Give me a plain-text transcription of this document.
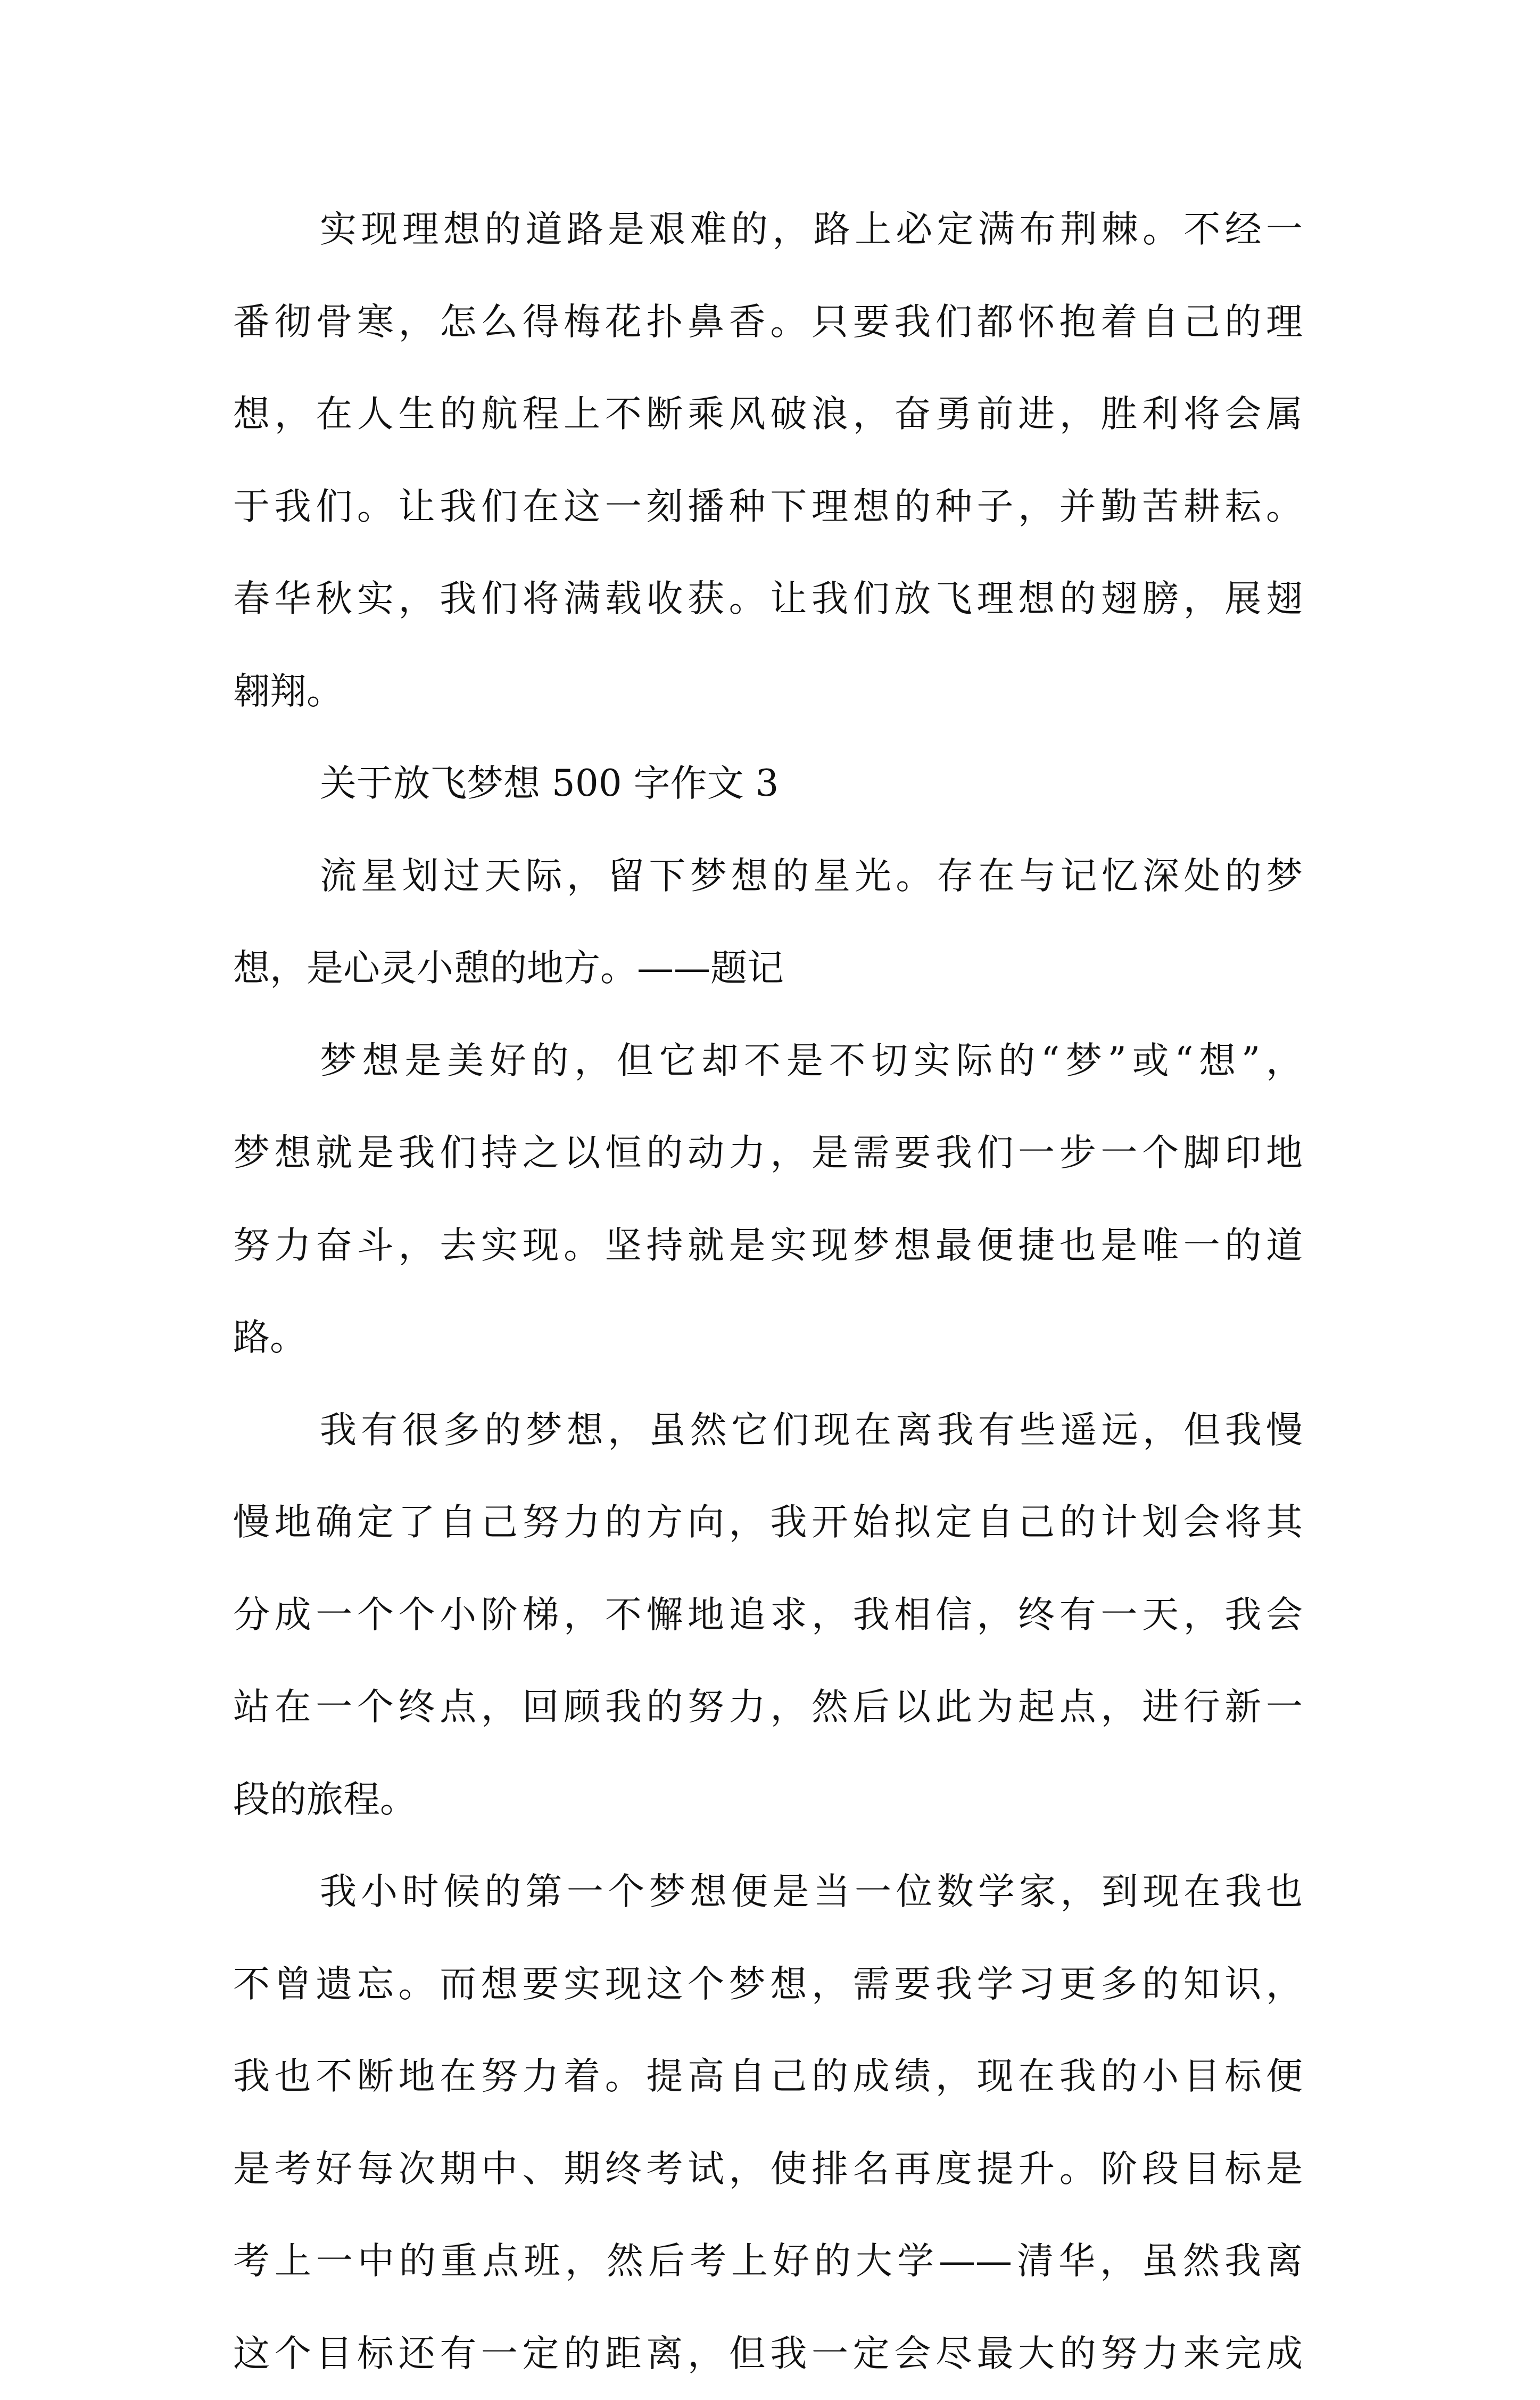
实现理想的道路是艰难的，路上必定满布荆棘。不经一
番彻骨寒，怎么得梅花扑鼻香。只要我们都怀抱着自己的理
想，在人生的航程上不断乘风破浪，奋勇前进，胜利将会属
于我们。让我们在这一刻播种下理想的种子，并勤苦耕耘。
春华秋实，我们将满载收获。让我们放飞理想的翅膀，展翅
翱翔。
关于放飞梦想 500 字作文 3
流星划过天际，留下梦想的星光。存在与记忆深处的梦
想，是心灵小憩的地方。——题记
梦想是美好的，但它却不是不切实际的“梦”或“想”，
梦想就是我们持之以恒的动力，是需要我们一步一个脚印地
努力奋斗，去实现。坚持就是实现梦想最便捷也是唯一的道
路。
我有很多的梦想，虽然它们现在离我有些遥远，但我慢
慢地确定了自己努力的方向，我开始拟定自己的计划会将其
分成一个个小阶梯，不懈地追求，我相信，终有一天，我会
站在一个终点，回顾我的努力，然后以此为起点，进行新一
段的旅程。
我小时候的第一个梦想便是当一位数学家，到现在我也
不曾遗忘。而想要实现这个梦想，需要我学习更多的知识，
我也不断地在努力着。提高自己的成绩，现在我的小目标便
是考好每次期中、期终考试，使排名再度提升。阶段目标是
考上一中的重点班，然后考上好的大学——清华，虽然我离
这个目标还有一定的距离，但我一定会尽最大的努力来完成
